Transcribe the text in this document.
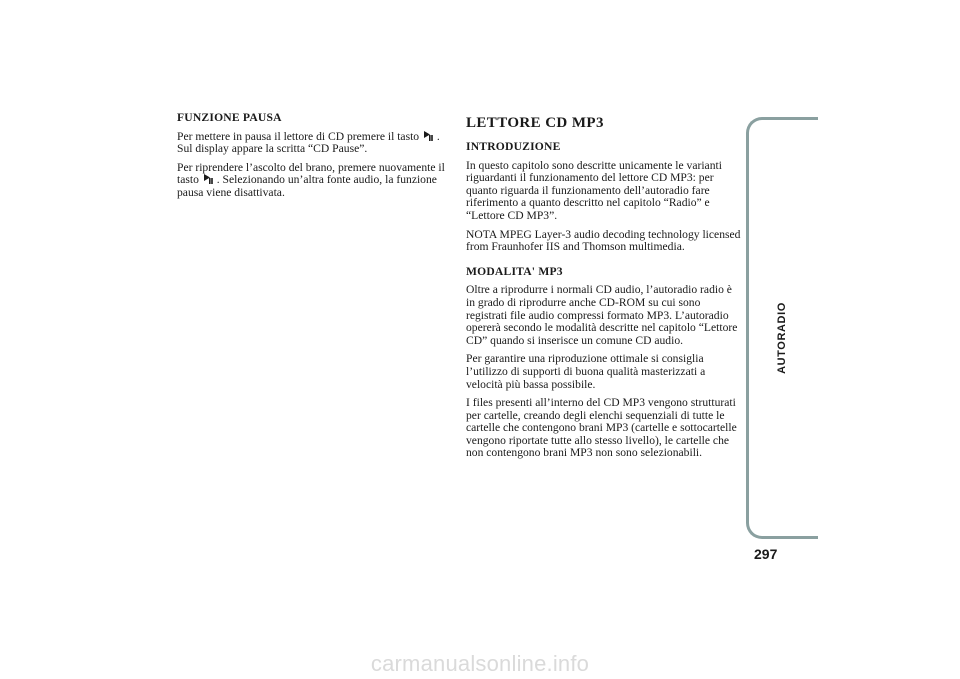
FUNZIONE PAUSA

Per mettere in pausa il lettore di CD premere il tasto . Sul display appare la scritta “CD Pause”.

Per riprendere l’ascolto del brano, premere nuovamente il tasto . Selezionando un’altra fonte audio, la funzione pausa viene disattivata.

LETTORE CD MP3
INTRODUZIONE

In questo capitolo sono descritte unicamente le varianti riguardanti il funzionamento del lettore CD MP3: per quanto riguarda il funzionamento dell’autoradio fare riferimento a quanto descritto nel capitolo “Radio” e “Lettore CD MP3”.

NOTA MPEG Layer-3 audio decoding technology licensed from Fraunhofer IIS and Thomson multimedia.

MODALITA' MP3

Oltre a riprodurre i normali CD audio, l’autoradio radio è in grado di riprodurre anche CD-ROM su cui sono registrati file audio compressi formato MP3. L’autoradio opererà secondo le modalità descritte nel capitolo “Lettore CD” quando si inserisce un comune CD audio.

Per garantire una riproduzione ottimale si consiglia l’utilizzo di supporti di buona qualità masterizzati a velocità più bassa possibile.

I files presenti all’interno del CD MP3 vengono strutturati per cartelle, creando degli elenchi sequenziali di tutte le cartelle che contengono brani MP3 (cartelle e sottocartelle vengono riportate tutte allo stesso livello), le cartelle che non contengono brani MP3 non sono selezionabili.

AUTORADIO
297
carmanualsonline.info
